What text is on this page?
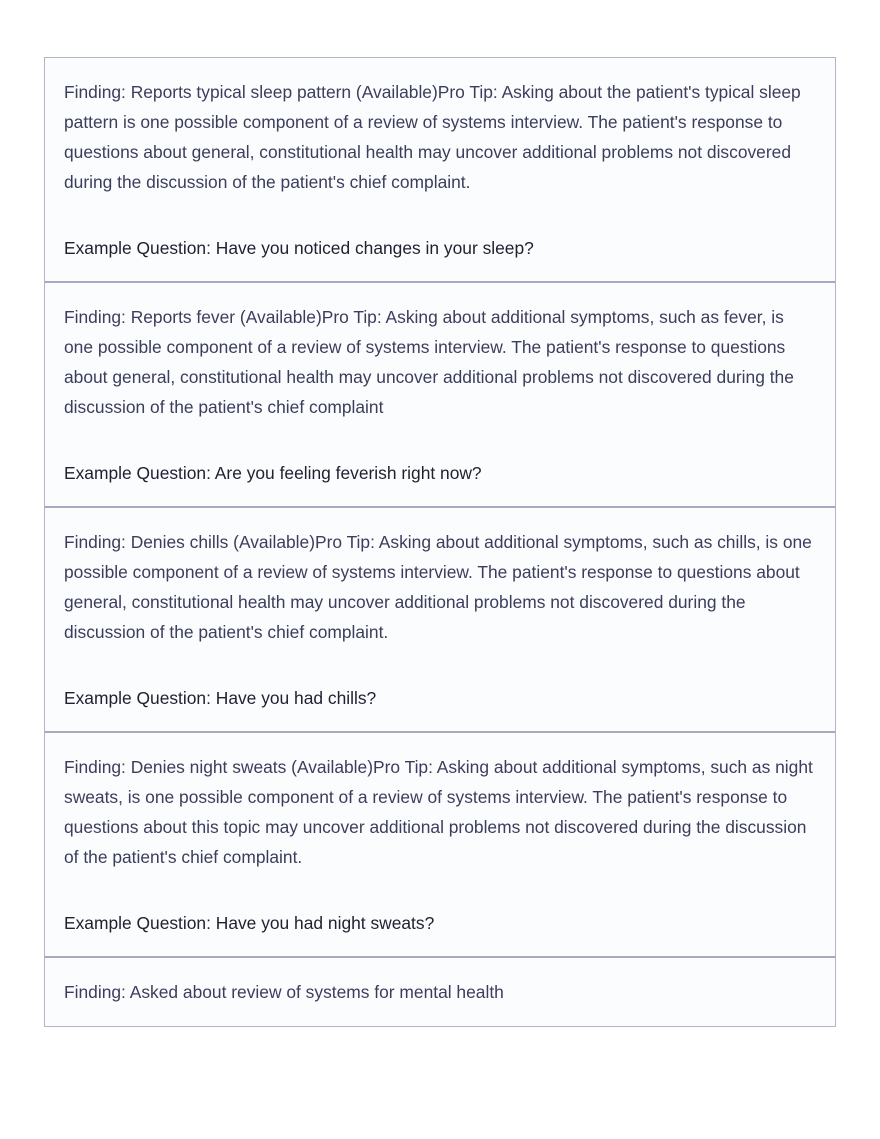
Finding: Reports typical sleep pattern (Available)Pro Tip: Asking about the patient's typical sleep pattern is one possible component of a review of systems interview. The patient's response to questions about general, constitutional health may uncover additional problems not discovered during the discussion of the patient's chief complaint.

Example Question: Have you noticed changes in your sleep?

Finding: Reports fever (Available)Pro Tip: Asking about additional symptoms, such as fever, is one possible component of a review of systems interview. The patient's response to questions about general, constitutional health may uncover additional problems not discovered during the discussion of the patient's chief complaint

Example Question: Are you feeling feverish right now?

Finding: Denies chills (Available)Pro Tip: Asking about additional symptoms, such as chills, is one possible component of a review of systems interview. The patient's response to questions about general, constitutional health may uncover additional problems not discovered during the discussion of the patient's chief complaint.

Example Question: Have you had chills?

Finding: Denies night sweats (Available)Pro Tip: Asking about additional symptoms, such as night sweats, is one possible component of a review of systems interview. The patient's response to questions about this topic may uncover additional problems not discovered during the discussion of the patient's chief complaint.

Example Question: Have you had night sweats?

Finding: Asked about review of systems for mental health
